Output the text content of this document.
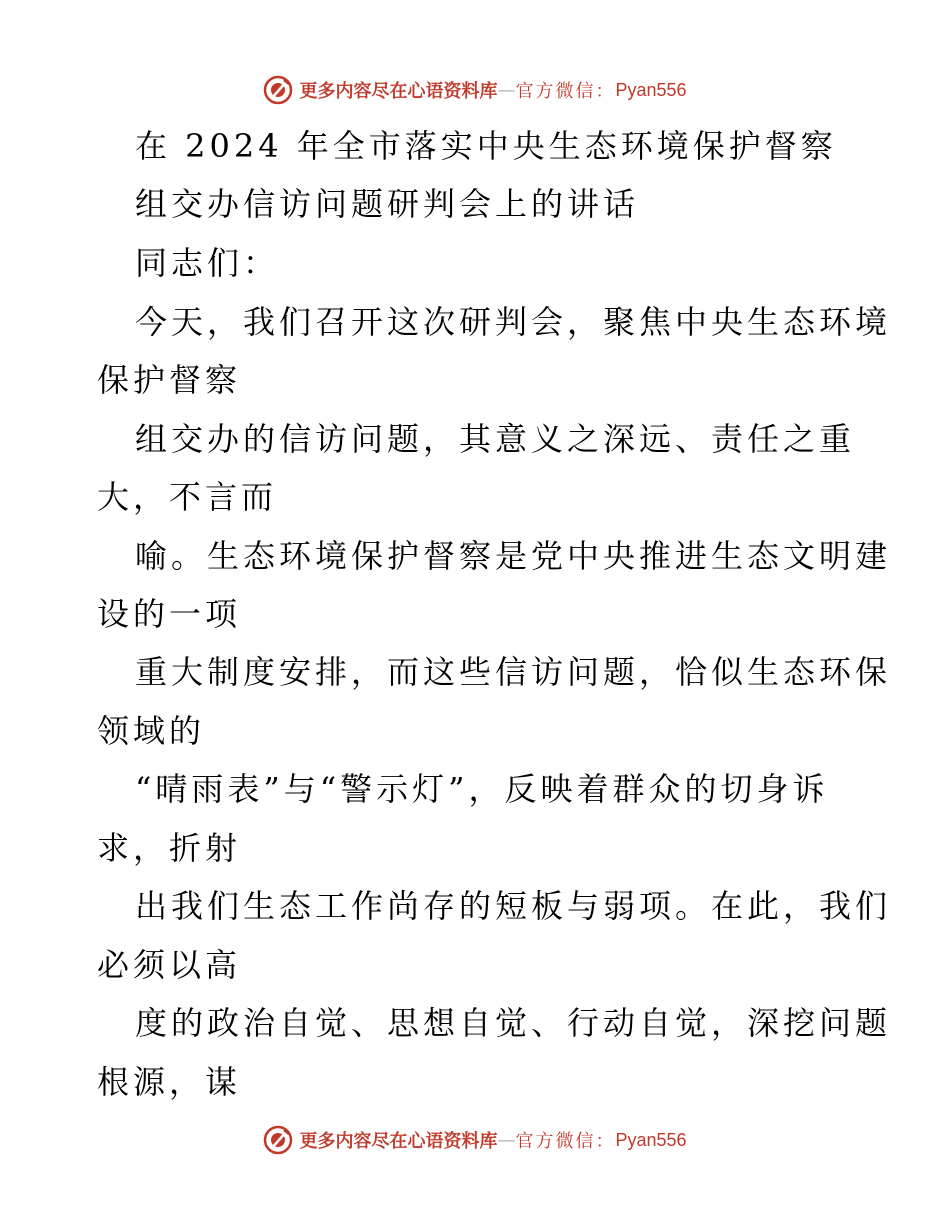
更多内容尽在心语资料库 — 官方微信： Pyan556
在 2024 年全市落实中央生态环境保护督察
组交办信访问题研判会上的讲话
同志们：
今天，我们召开这次研判会，聚焦中央生态环境
保护督察
组交办的信访问题，其意义之深远、责任之重
大，不言而
喻。生态环境保护督察是党中央推进生态文明建
设的一项
重大制度安排，而这些信访问题，恰似生态环保
领域的
“晴雨表”与“警示灯”，反映着群众的切身诉
求，折射
出我们生态工作尚存的短板与弱项。在此，我们
必须以高
度的政治自觉、思想自觉、行动自觉，深挖问题
根源，谋
更多内容尽在心语资料库 — 官方微信： Pyan556
